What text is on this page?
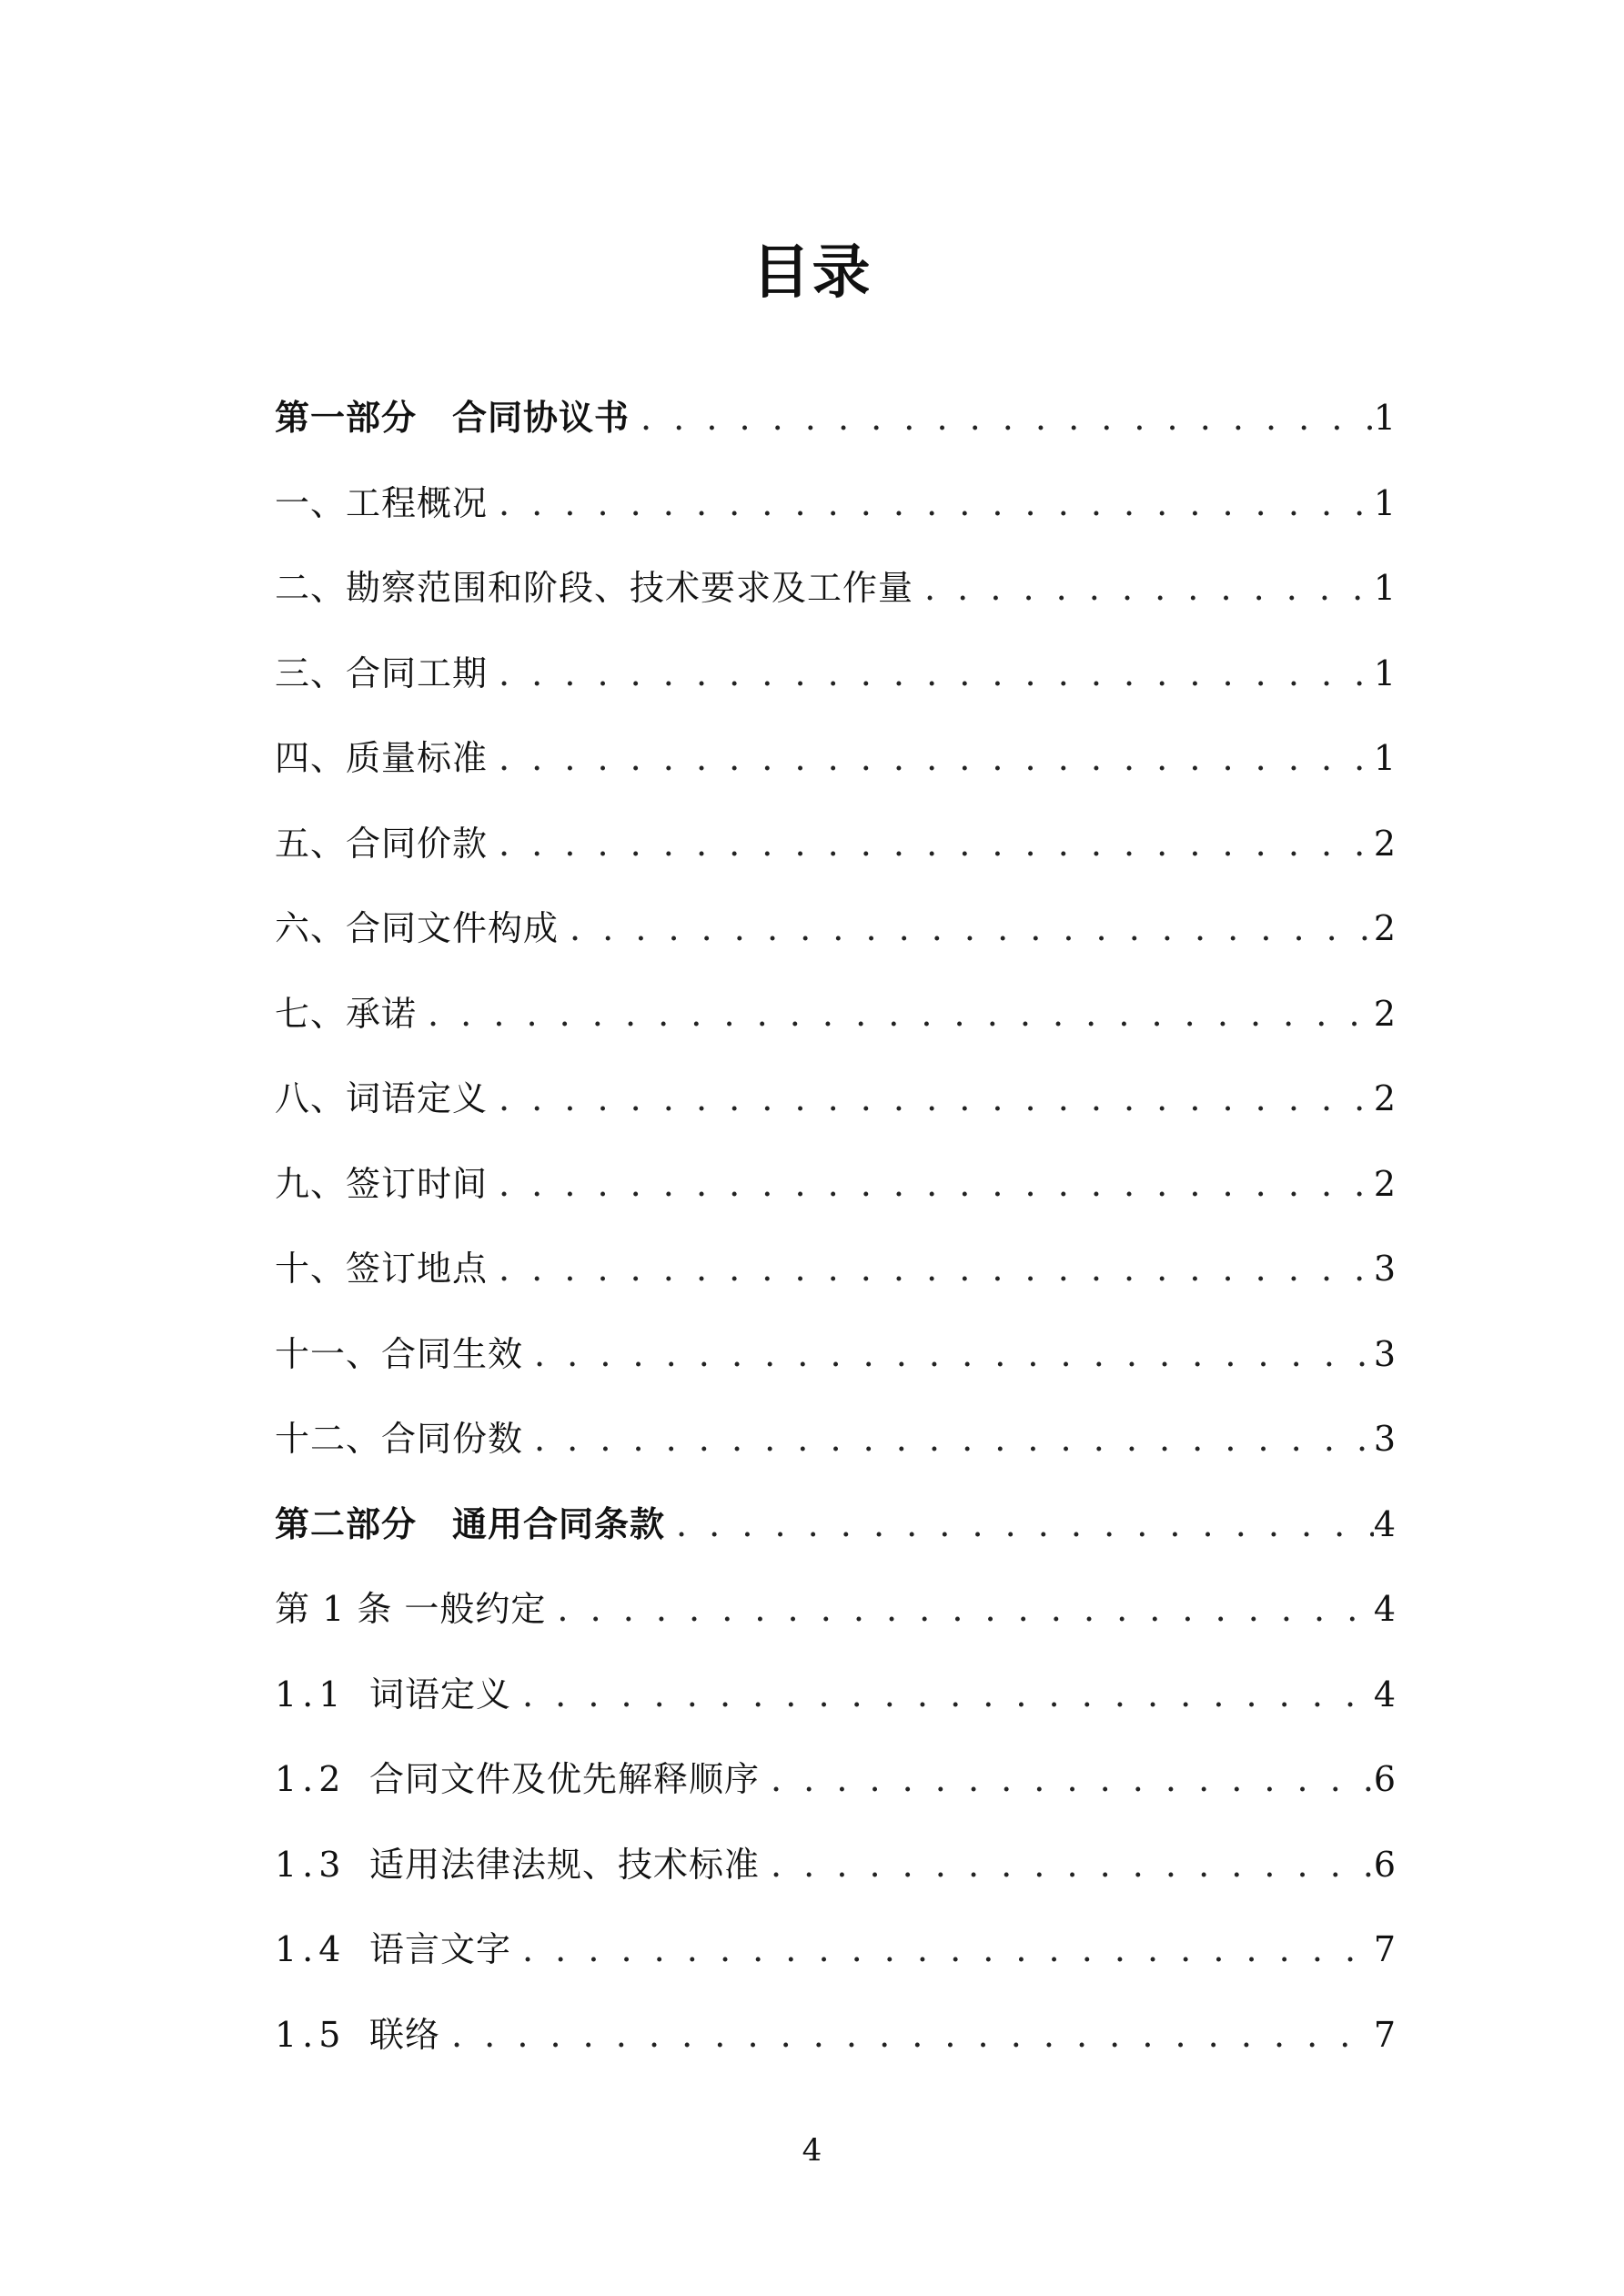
目录
第一部分　合同协议书 . . .	1
一、工程概况 . . .	1
二、勘察范围和阶段、技术要求及工作量 . . .	1
三、合同工期 . . .	1
四、质量标准 . . .	1
五、合同价款 . . .	2
六、合同文件构成 . . .	2
七、承诺 . . .	2
八、词语定义 . . .	2
九、签订时间 . . .	2
十、签订地点 . . .	3
十一、合同生效 . . .	3
十二、合同份数 . . .	3
第二部分　通用合同条款 . . .	4
第 1 条 一般约定 . . .	4
1.1 词语定义 . . .	4
1.2 合同文件及优先解释顺序 . . .	6
1.3 适用法律法规、技术标准 . . .	6
1.4 语言文字 . . .	7
1.5 联络 . . .	7
4
